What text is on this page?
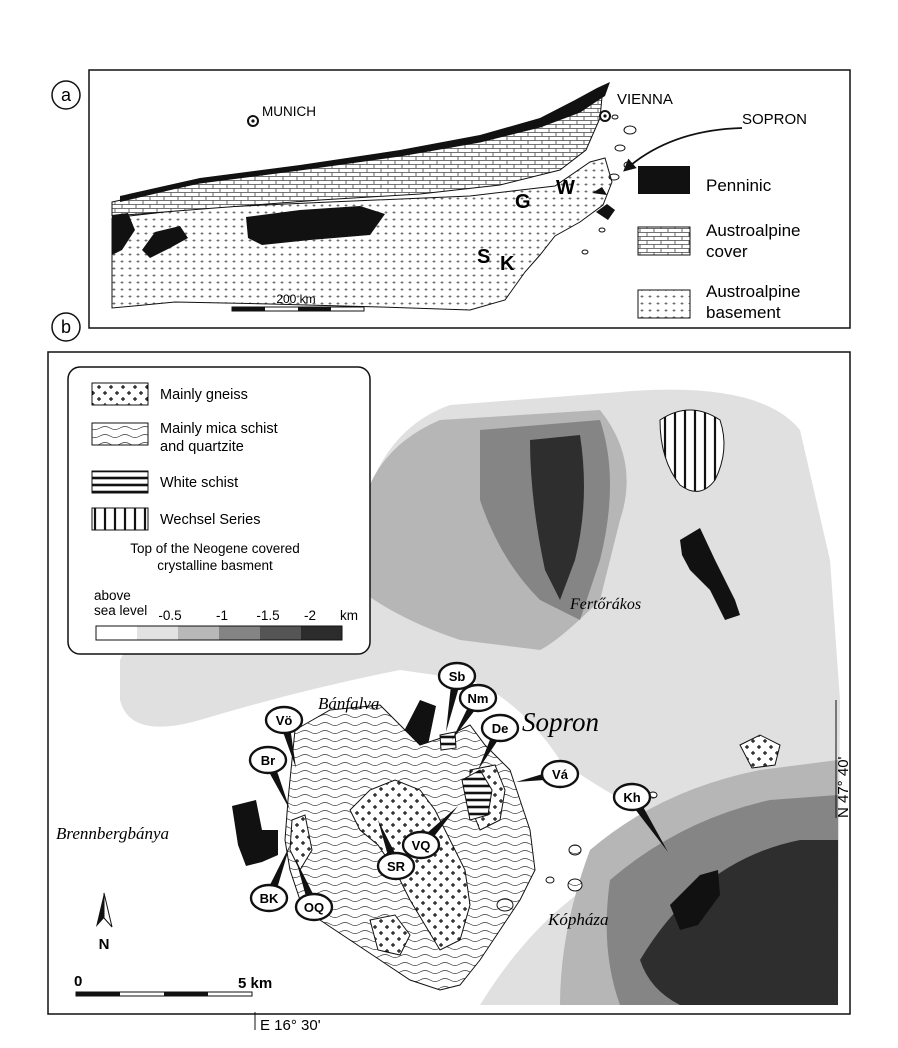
a
MUNICH
VIENNA
SOPRON
G
W
S K
200 km
Penninic
Austroalpine cover
Austroalpine basement
b
Mainly gneiss
Mainly mica schist and quartzite
White schist
Wechsel Series
Top of the Neogene covered crystalline basment
above sea level -0.5	-1 -1.5 -2 km
Bánfalva
Sopron
Fertőrákos
Brennbergbánya
Kópháza
Vö
Sb
Nm
De
Vá
Br
VQ
SR
Kh
BK
OQ
N
0	5 km
N 47° 40'
E 16° 30'
